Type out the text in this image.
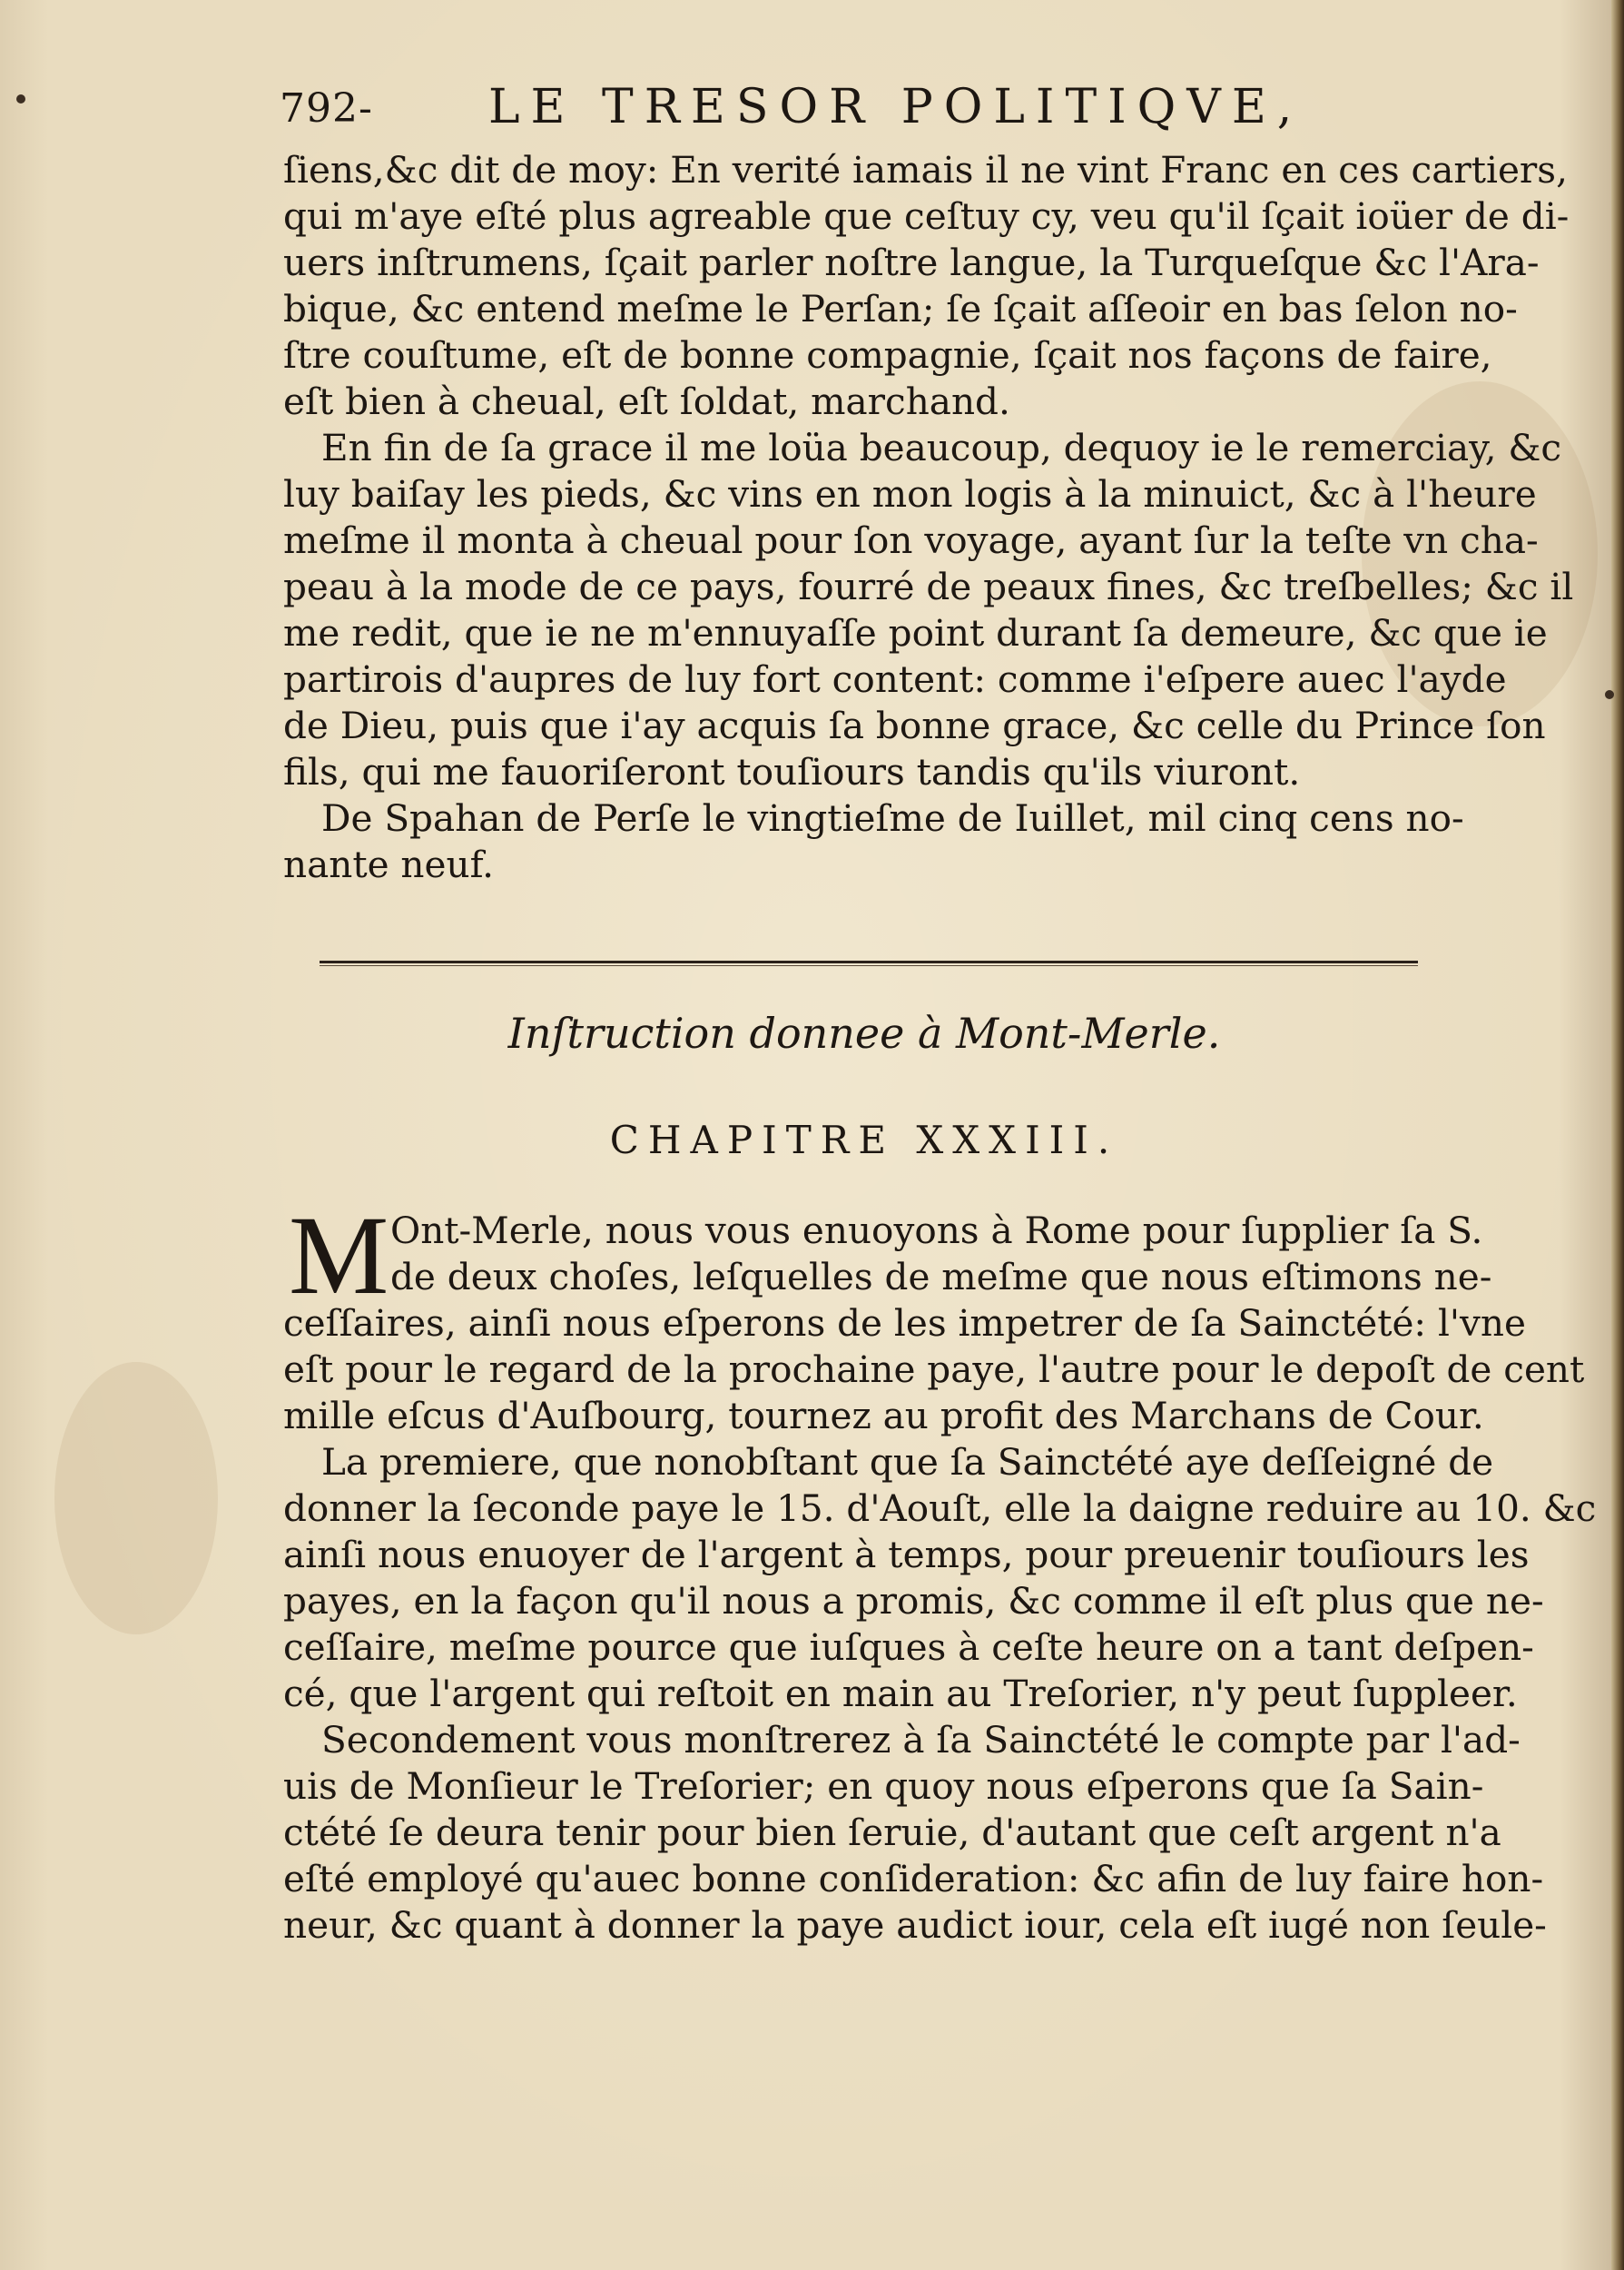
792- LE TRESOR POLITIQVE,
ſiens,&c dit de moy: En verité iamais il ne vint Franc en ces cartiers,
qui m'aye eſté plus agreable que ceſtuy cy, veu qu'il ſçait ioüer de di-
uers inſtrumens, ſçait parler noſtre langue, la Turqueſque &c l'Ara-
bique, &c entend meſme le Perſan; ſe ſçait aſſeoir en bas ſelon no-
ſtre couſtume, eſt de bonne compagnie, ſçait nos façons de faire,
eſt bien à cheual, eſt ſoldat, marchand.
En fin de ſa grace il me loüa beaucoup, dequoy ie le remerciay, &c
luy baiſay les pieds, &c vins en mon logis à la minuict, &c à l'heure
meſme il monta à cheual pour ſon voyage, ayant ſur la teſte vn cha-
peau à la mode de ce pays, fourré de peaux fines, &c treſbelles; &c il
me redit, que ie ne m'ennuyaſſe point durant ſa demeure, &c que ie
partirois d'aupres de luy fort content: comme i'eſpere auec l'ayde
de Dieu, puis que i'ay acquis ſa bonne grace, &c celle du Prince ſon
fils, qui me fauoriſeront touſiours tandis qu'ils viuront.
De Spahan de Perſe le vingtieſme de Iuillet, mil cinq cens no-
nante neuf.
Inſtruction donnee à Mont-Merle.
CHAPITRE XXXIII.
M Ont-Merle, nous vous enuoyons à Rome pour ſupplier ſa S.
de deux choſes, leſquelles de meſme que nous eſtimons ne-
ceſſaires, ainſi nous eſperons de les impetrer de ſa Sainctété: l'vne
eſt pour le regard de la prochaine paye, l'autre pour le depoſt de cent
mille eſcus d'Auſbourg, tournez au profit des Marchans de Cour.
La premiere, que nonobſtant que ſa Sainctété aye deſſeigné de
donner la ſeconde paye le 15. d'Aouſt, elle la daigne reduire au 10. &c
ainſi nous enuoyer de l'argent à temps, pour preuenir touſiours les
payes, en la façon qu'il nous a promis, &c comme il eſt plus que ne-
ceſſaire, meſme pource que iuſques à ceſte heure on a tant deſpen-
cé, que l'argent qui reſtoit en main au Treſorier, n'y peut ſuppleer.
Secondement vous monſtrerez à ſa Sainctété le compte par l'ad-
uis de Monſieur le Treſorier; en quoy nous eſperons que ſa Sain-
ctété ſe deura tenir pour bien ſeruie, d'autant que ceſt argent n'a
eſté employé qu'auec bonne conſideration: &c afin de luy faire hon-
neur, &c quant à donner la paye audict iour, cela eſt iugé non ſeule-
